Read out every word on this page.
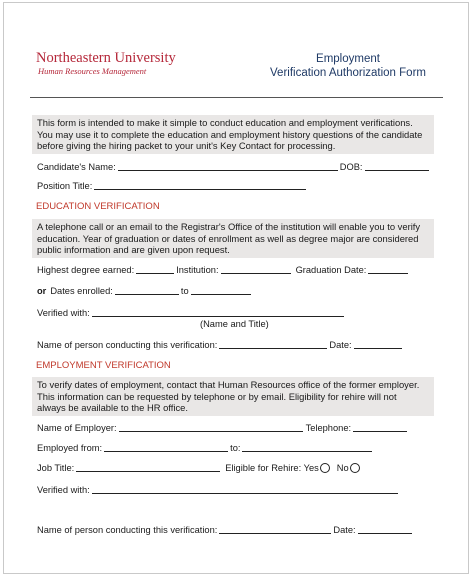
Northeastern University
Human Resources Management
Employment
Verification Authorization Form

This form is intended to make it simple to conduct education and employment verifications.

You may use it to complete the education and employment history questions of the candidate

before giving the hiring packet to your unit's Key Contact for processing.

Candidate's Name:	DOB:
Position Title:
EDUCATION VERIFICATION

A telephone call or an email to the Registrar's Office of the institution will enable you to verify

education. Year of graduation or dates of enrollment as well as degree major are considered

public information and are given upon request.

Highest degree earned:	Institution:	Graduation Date:
or Dates enrolled:	to
Verified with:
(Name and Title)
Name of person conducting this verification:	Date:
EMPLOYMENT VERIFICATION

To verify dates of employment, contact that Human Resources office of the former employer.

This information can be requested by telephone or by email. Eligibility for rehire will not

always be available to the HR office.

Name of Employer:	Telephone:
Employed from:	to:
Job Title:	Eligible for Rehire: Yes No
Verified with:
Name of person conducting this verification:	Date:
